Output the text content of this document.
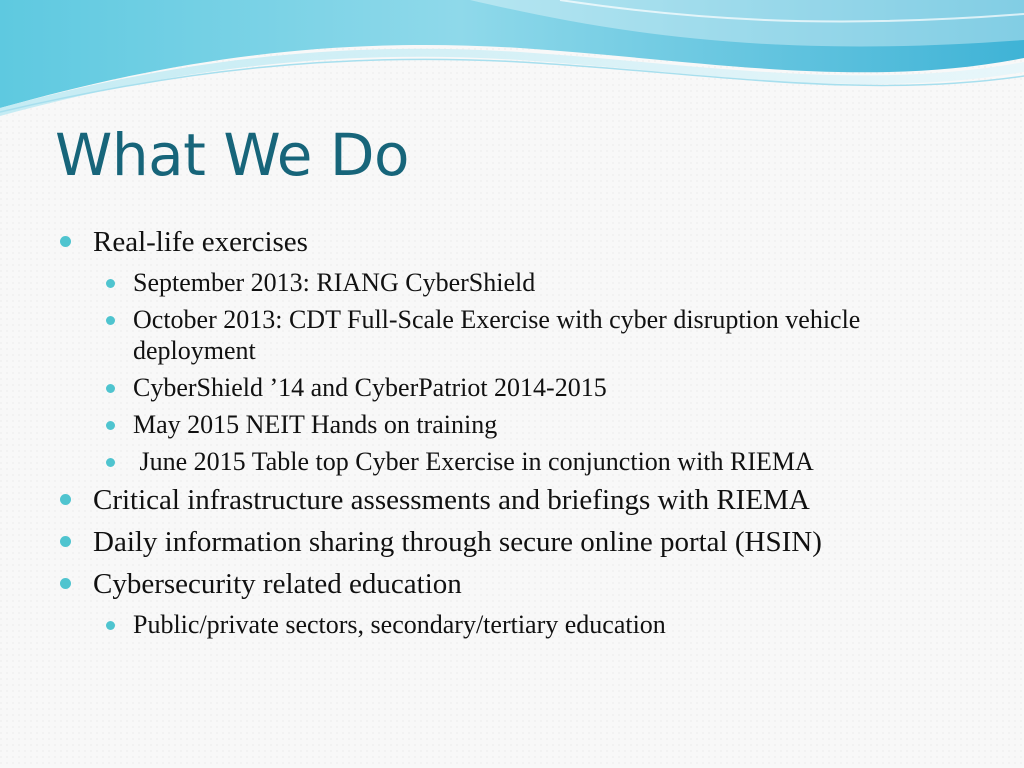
What We Do
Real-life exercises
September 2013: RIANG CyberShield
October 2013: CDT Full-Scale Exercise with cyber disruption vehicle deployment
CyberShield ’14 and CyberPatriot 2014-2015
May 2015 NEIT Hands on training
June 2015 Table top Cyber Exercise in conjunction with RIEMA
Critical infrastructure assessments and briefings with RIEMA
Daily information sharing through secure online portal (HSIN)
Cybersecurity related education
Public/private sectors, secondary/tertiary education
